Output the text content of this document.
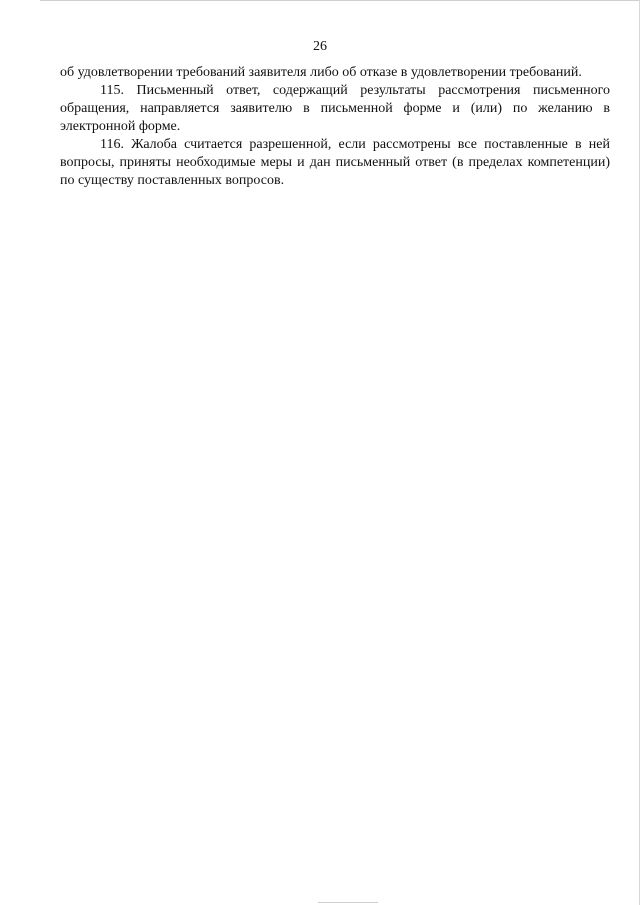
26

об удовлетворении требований заявителя либо об отказе в удовлетворении требований.

115. Письменный ответ, содержащий результаты рассмотрения письменного обращения, направляется заявителю в письменной форме и (или) по желанию в электронной форме.

116. Жалоба считается разрешенной, если рассмотрены все поставленные в ней вопросы, приняты необходимые меры и дан письменный ответ (в пределах компетенции) по существу поставленных вопросов.
